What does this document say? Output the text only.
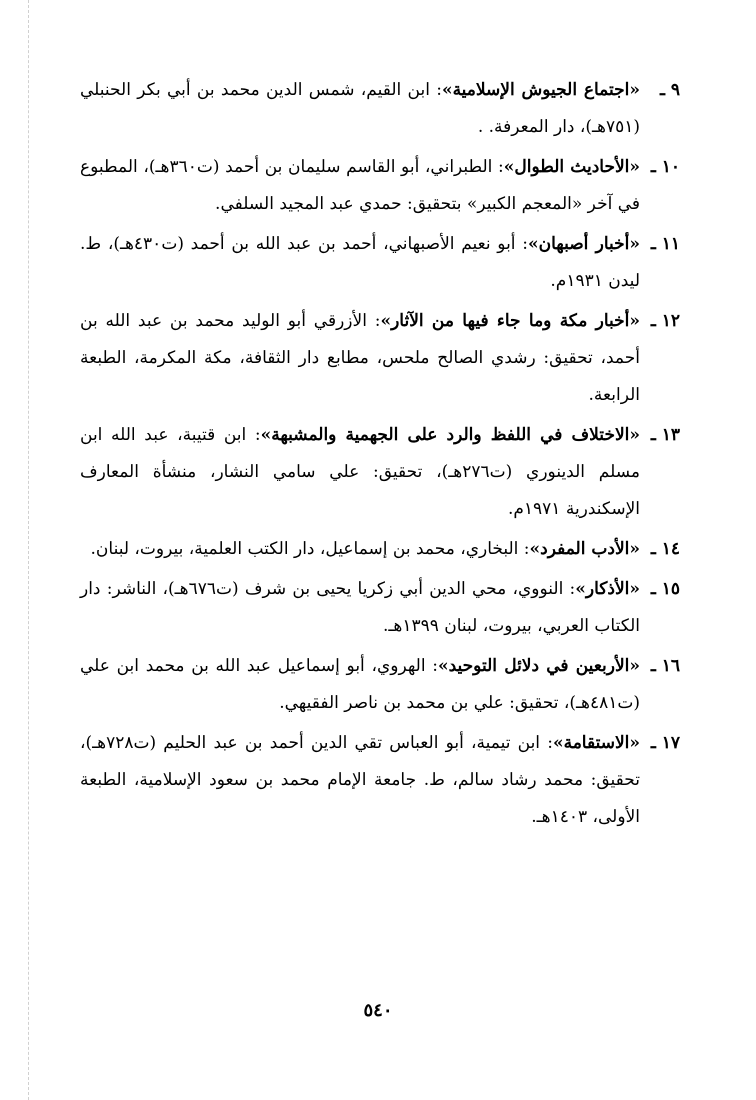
٩ ـ
«اجتماع الجيوش الإسلامية»: ابن القيم، شمس الدين محمد بن أبي بكر الحنبلي (٧٥١هـ)، دار المعرفة. .
١٠ ـ
«الأحاديث الطوال»: الطبراني، أبو القاسم سليمان بن أحمد (ت٣٦٠هـ)، المطبوع في آخر «المعجم الكبير» بتحقيق: حمدي عبد المجيد السلفي.
١١ ـ
«أخبار أصبهان»: أبو نعيم الأصبهاني، أحمد بن عبد الله بن أحمد (ت٤٣٠هـ)، ط. ليدن ١٩٣١م.
١٢ ـ
«أخبار مكة وما جاء فيها من الآثار»: الأزرقي أبو الوليد محمد بن عبد الله بن أحمد، تحقيق: رشدي الصالح ملحس، مطابع دار الثقافة، مكة المكرمة، الطبعة الرابعة.
١٣ ـ
«الاختلاف في اللفظ والرد على الجهمية والمشبهة»: ابن قتيبة، عبد الله ابن مسلم الدينوري (ت٢٧٦هـ)، تحقيق: علي سامي النشار، منشأة المعارف الإسكندرية ١٩٧١م.
١٤ ـ
«الأدب المفرد»: البخاري، محمد بن إسماعيل، دار الكتب العلمية، بيروت، لبنان.
١٥ ـ
«الأذكار»: النووي، محي الدين أبي زكريا يحيى بن شرف (ت٦٧٦هـ)، الناشر: دار الكتاب العربي، بيروت، لبنان ١٣٩٩هـ.
١٦ ـ
«الأربعين في دلائل التوحيد»: الهروي، أبو إسماعيل عبد الله بن محمد ابن علي (ت٤٨١هـ)، تحقيق: علي بن محمد بن ناصر الفقيهي.
١٧ ـ
«الاستقامة»: ابن تيمية، أبو العباس تقي الدين أحمد بن عبد الحليم (ت٧٢٨هـ)، تحقيق: محمد رشاد سالم، ط. جامعة الإمام محمد بن سعود الإسلامية، الطبعة الأولى، ١٤٠٣هـ.
٥٤٠
